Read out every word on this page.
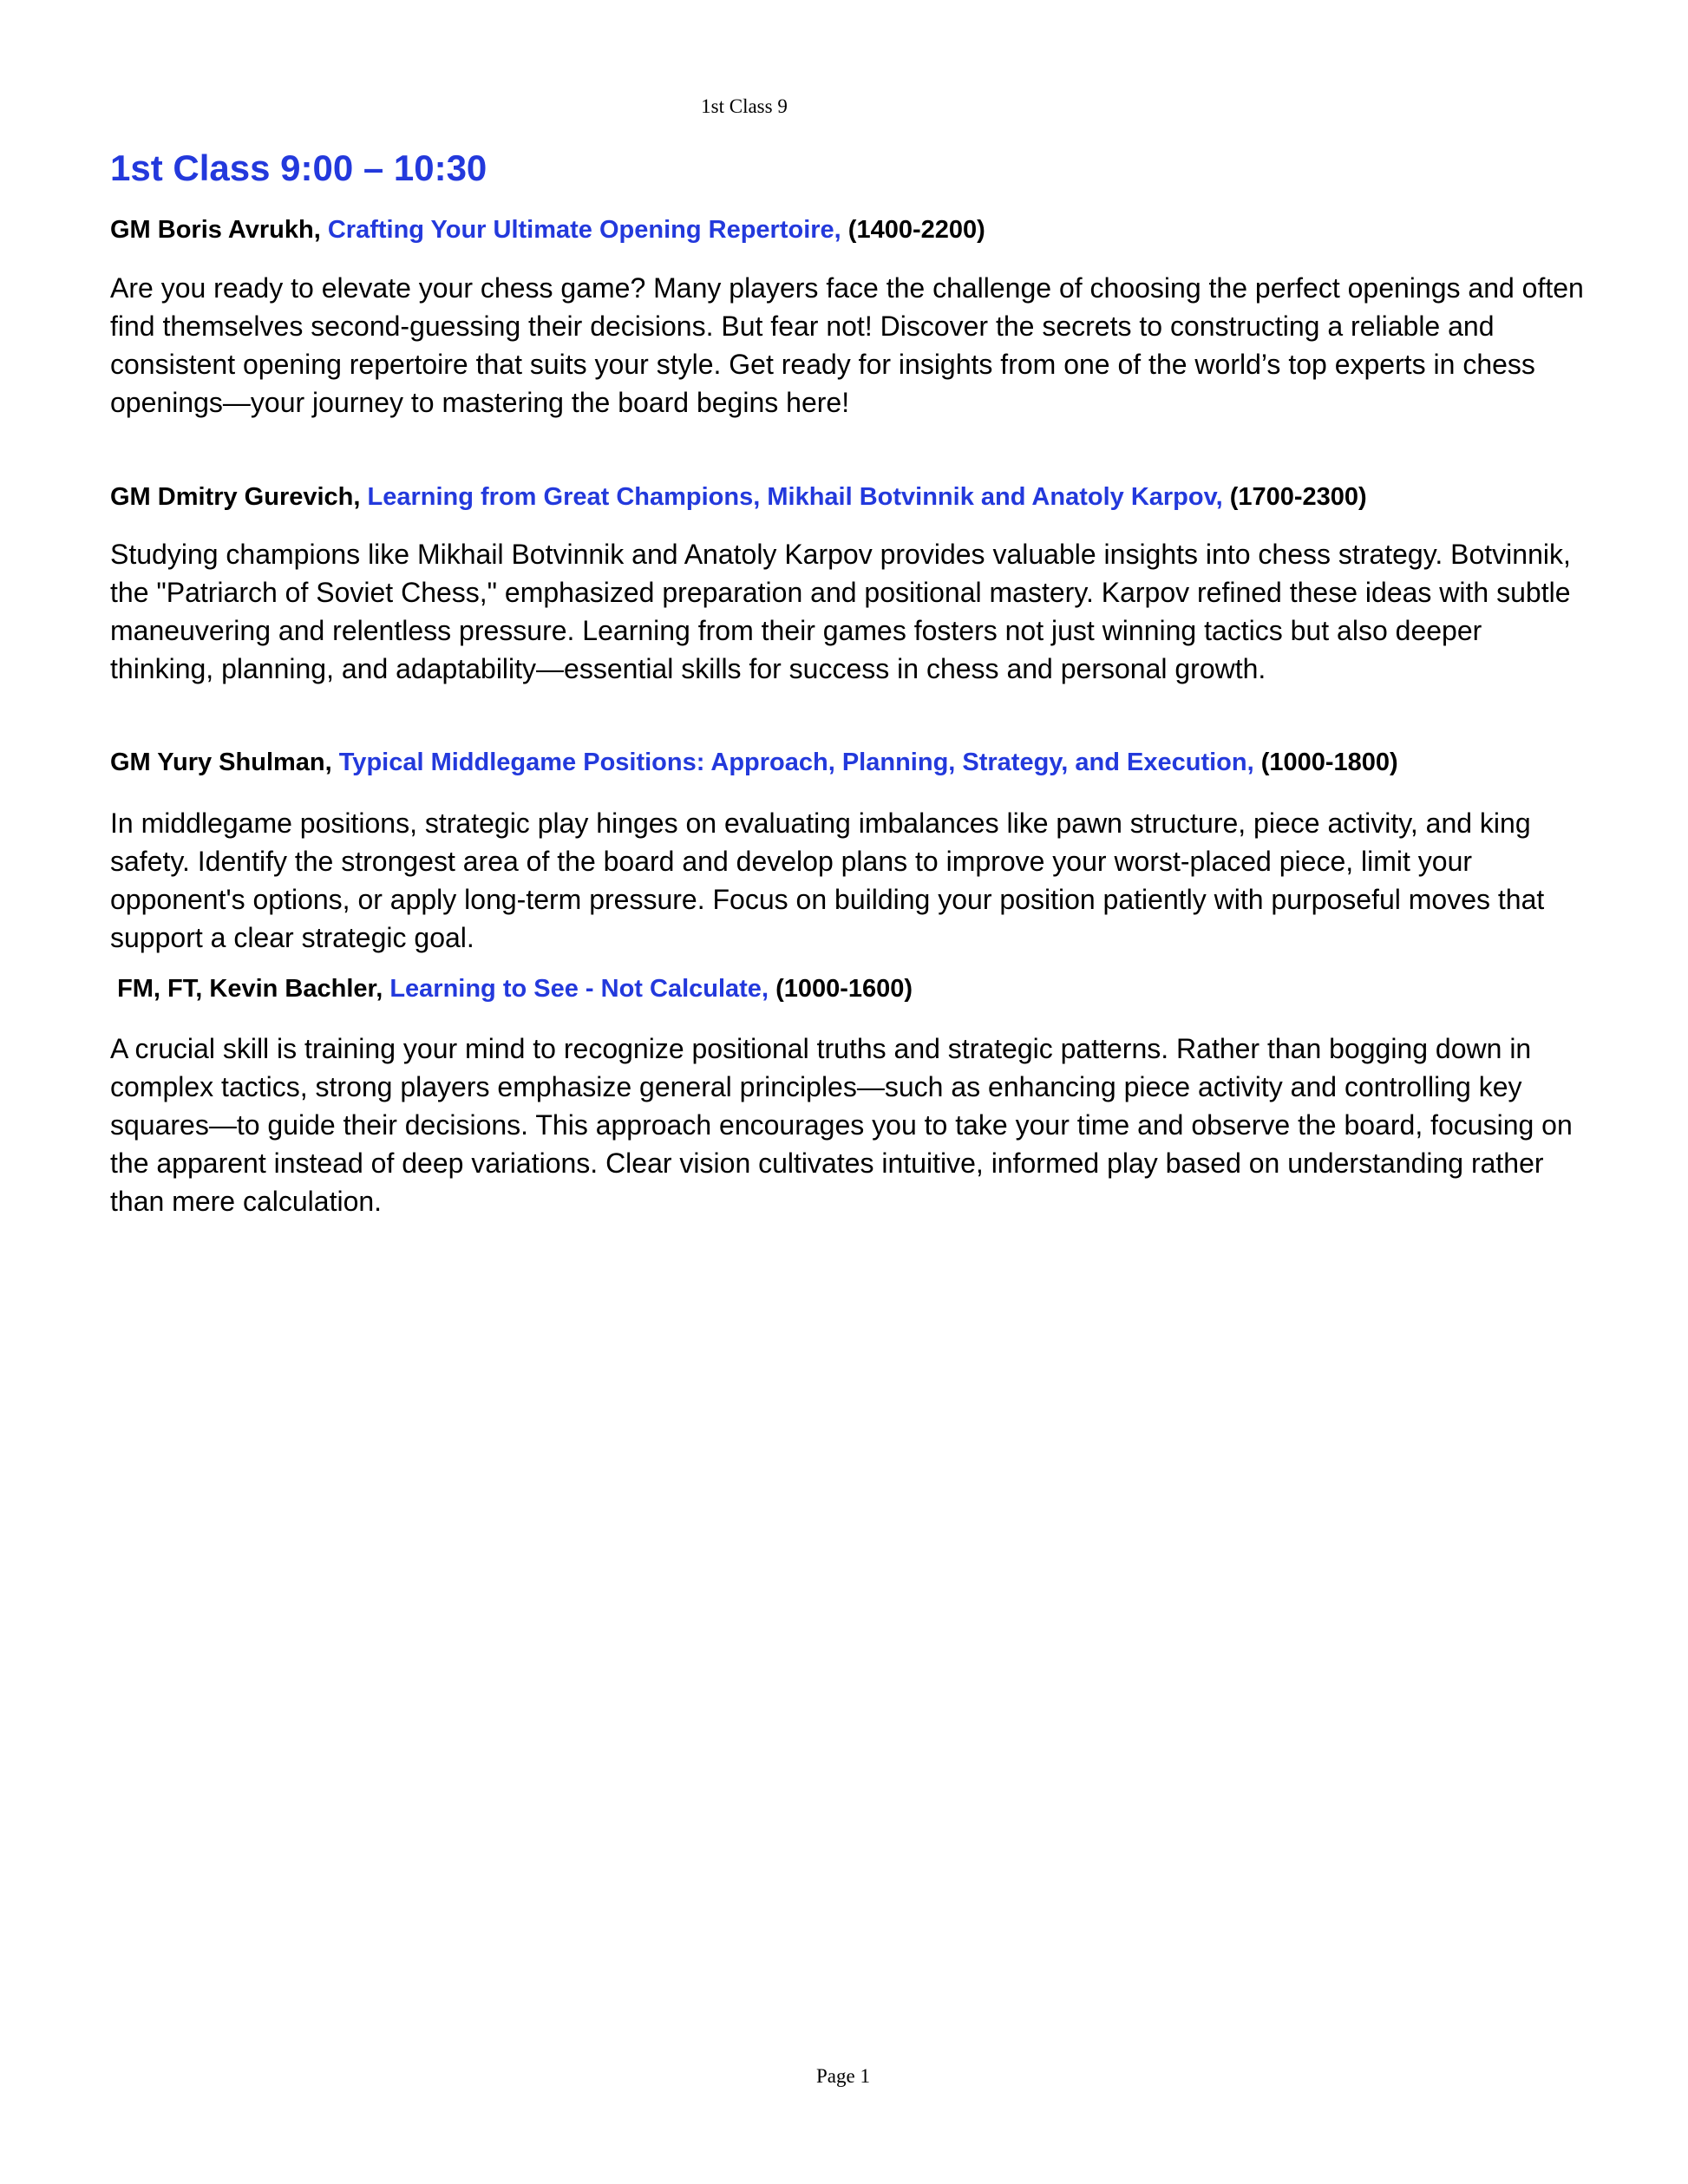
1st Class 9
1st Class 9:00 – 10:30
GM Boris Avrukh, Crafting Your Ultimate Opening Repertoire, (1400-2200)

Are you ready to elevate your chess game? Many players face the challenge of choosing the perfect openings and often find themselves second-guessing their decisions. But fear not! Discover the secrets to constructing a reliable and consistent opening repertoire that suits your style. Get ready for insights from one of the world’s top experts in chess openings—your journey to mastering the board begins here!

GM Dmitry Gurevich, Learning from Great Champions, Mikhail Botvinnik and Anatoly Karpov, (1700-2300)

Studying champions like Mikhail Botvinnik and Anatoly Karpov provides valuable insights into chess strategy. Botvinnik, the "Patriarch of Soviet Chess," emphasized preparation and positional mastery. Karpov refined these ideas with subtle maneuvering and relentless pressure. Learning from their games fosters not just winning tactics but also deeper thinking, planning, and adaptability—essential skills for success in chess and personal growth.

GM Yury Shulman, Typical Middlegame Positions: Approach, Planning, Strategy, and Execution, (1000-1800)

In middlegame positions, strategic play hinges on evaluating imbalances like pawn structure, piece activity, and king safety. Identify the strongest area of the board and develop plans to improve your worst-placed piece, limit your opponent's options, or apply long-term pressure. Focus on building your position patiently with purposeful moves that support a clear strategic goal.

FM, FT, Kevin Bachler, Learning to See - Not Calculate, (1000-1600)

A crucial skill is training your mind to recognize positional truths and strategic patterns. Rather than bogging down in complex tactics, strong players emphasize general principles—such as enhancing piece activity and controlling key squares—to guide their decisions. This approach encourages you to take your time and observe the board, focusing on the apparent instead of deep variations. Clear vision cultivates intuitive, informed play based on understanding rather than mere calculation.

Page 1
